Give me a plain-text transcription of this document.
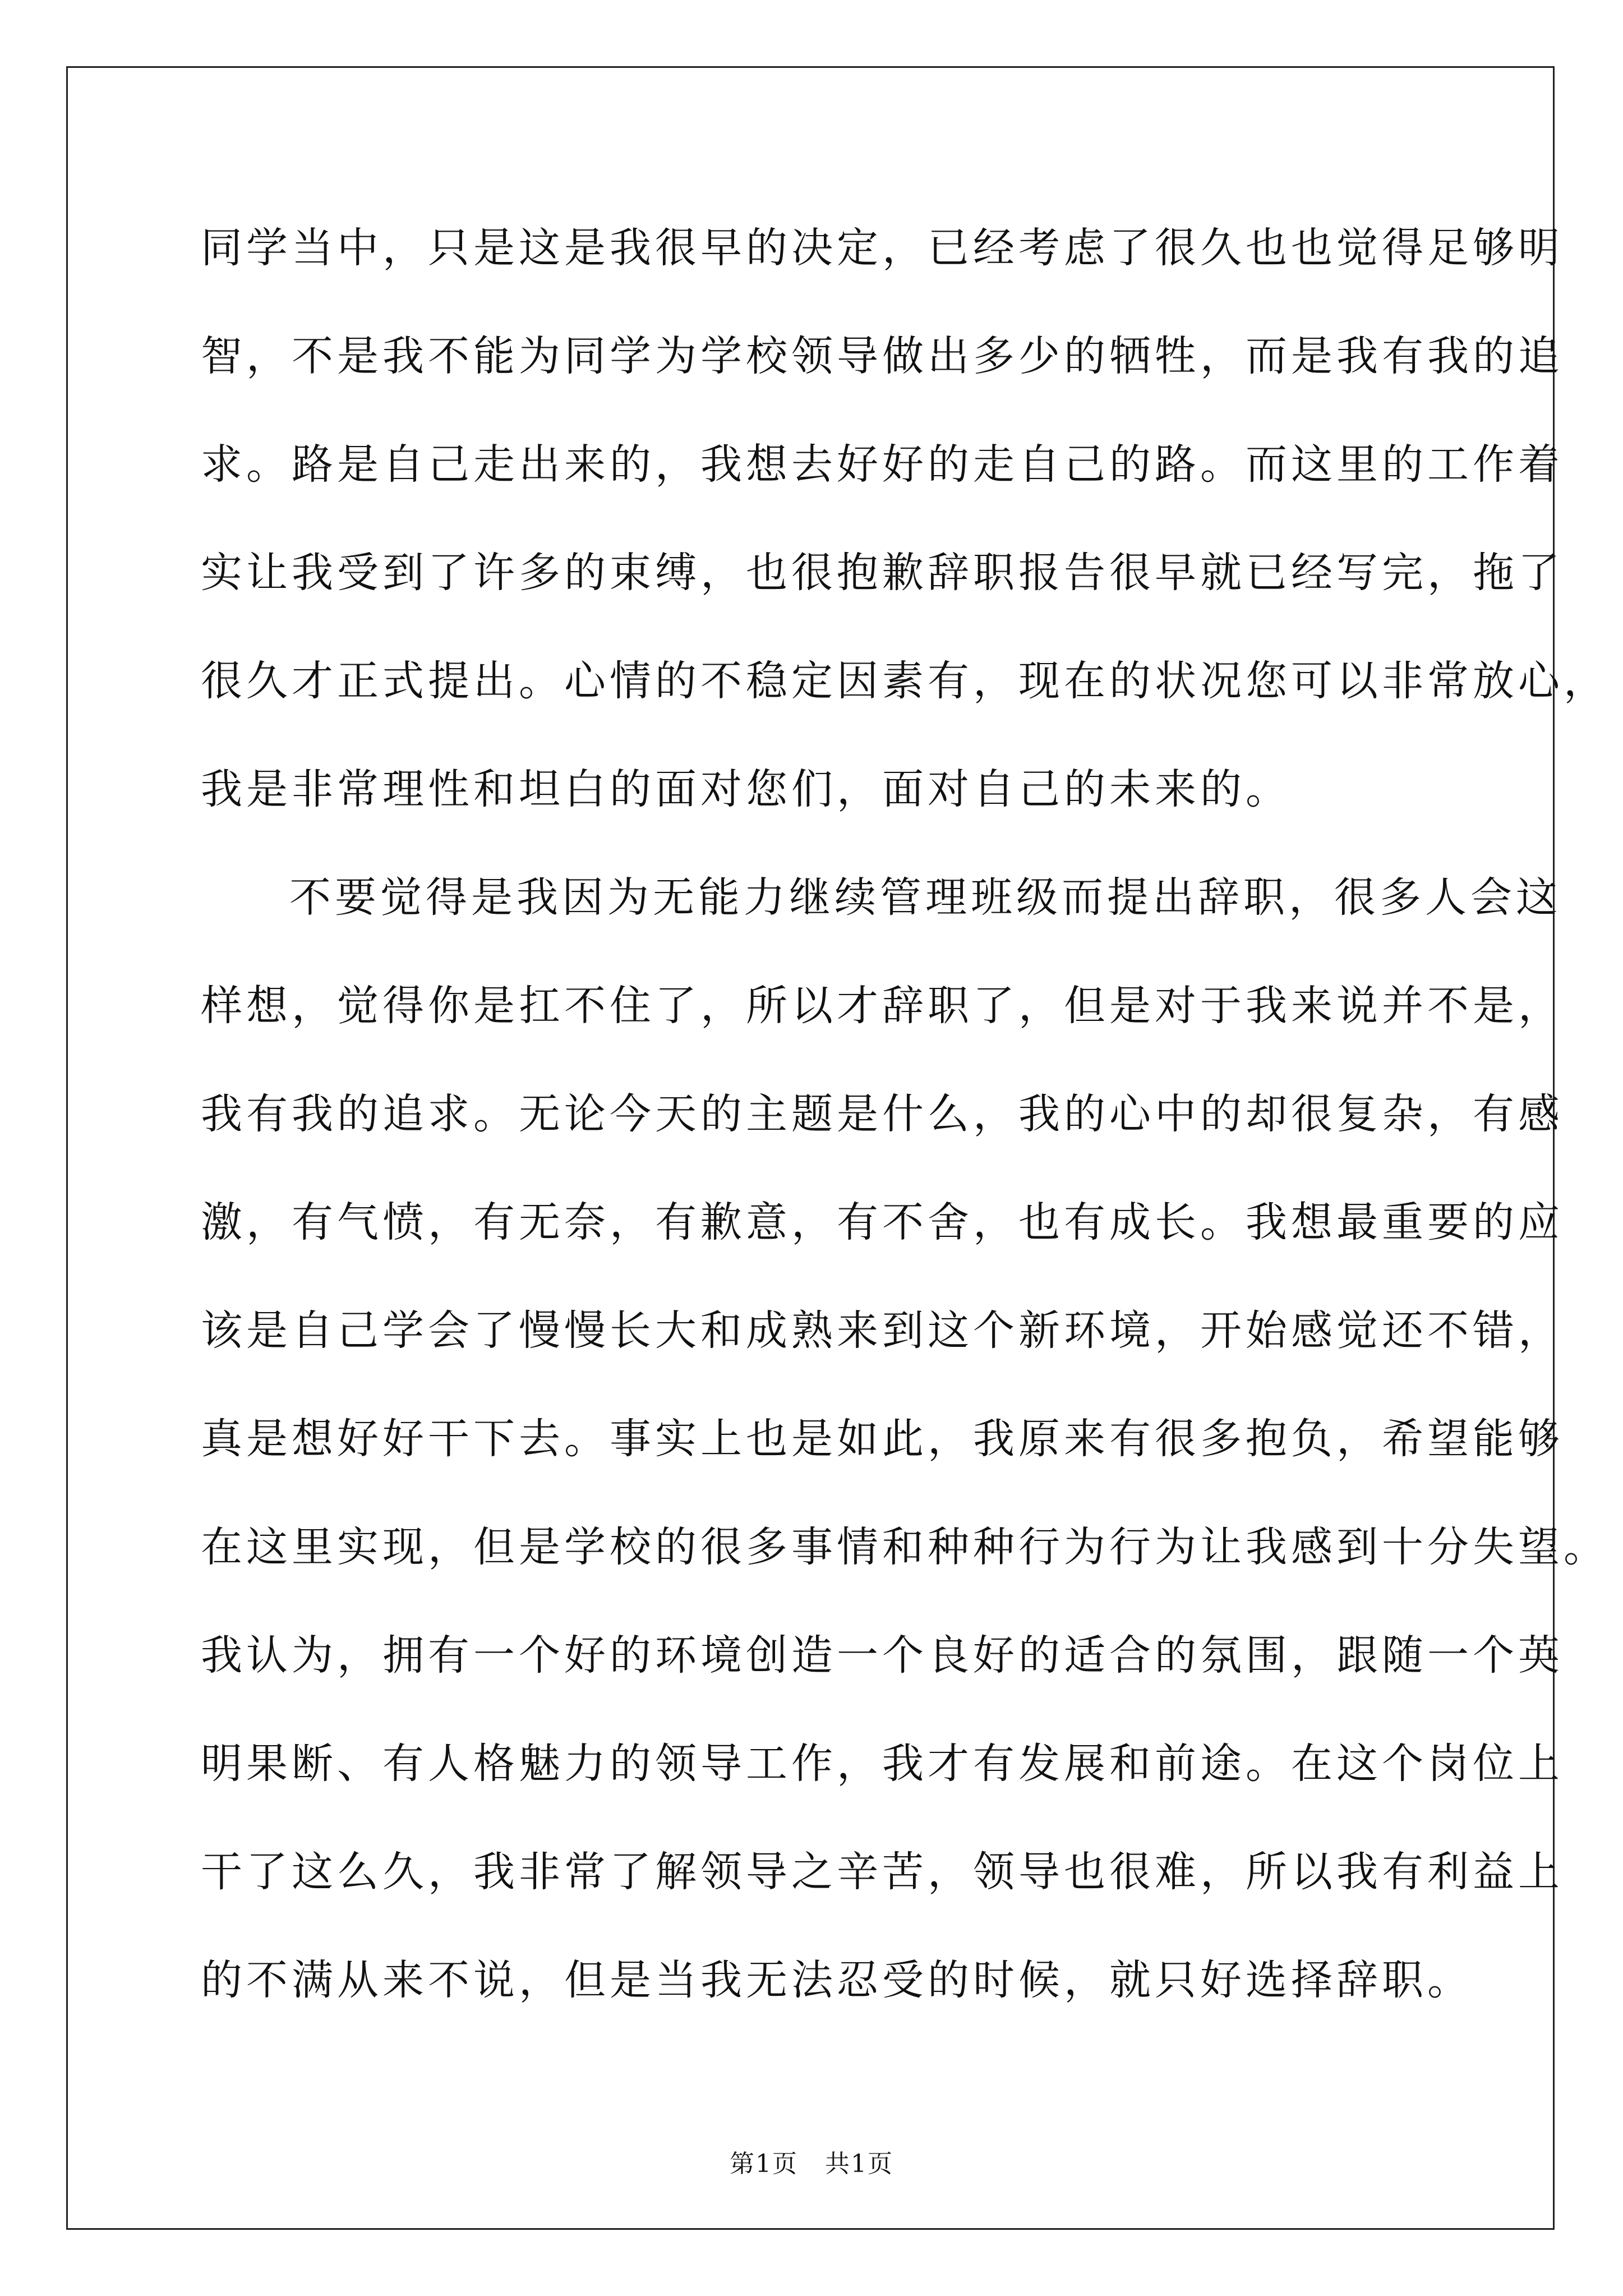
同学当中，只是这是我很早的决定，已经考虑了很久也也觉得足够明
智，不是我不能为同学为学校领导做出多少的牺牲，而是我有我的追
求。路是自己走出来的，我想去好好的走自己的路。而这里的工作着
实让我受到了许多的束缚，也很抱歉辞职报告很早就已经写完，拖了
很久才正式提出。心情的不稳定因素有，现在的状况您可以非常放心，
我是非常理性和坦白的面对您们，面对自己的未来的。
不要觉得是我因为无能力继续管理班级而提出辞职，很多人会这
样想，觉得你是扛不住了，所以才辞职了，但是对于我来说并不是，
我有我的追求。无论今天的主题是什么，我的心中的却很复杂，有感
激，有气愤，有无奈，有歉意，有不舍，也有成长。我想最重要的应
该是自己学会了慢慢长大和成熟来到这个新环境，开始感觉还不错，
真是想好好干下去。事实上也是如此，我原来有很多抱负，希望能够
在这里实现，但是学校的很多事情和种种行为行为让我感到十分失望。
我认为，拥有一个好的环境创造一个良好的适合的氛围，跟随一个英
明果断、有人格魅力的领导工作，我才有发展和前途。在这个岗位上
干了这么久，我非常了解领导之辛苦，领导也很难，所以我有利益上
的不满从来不说，但是当我无法忍受的时候，就只好选择辞职。
第1页 共1页
